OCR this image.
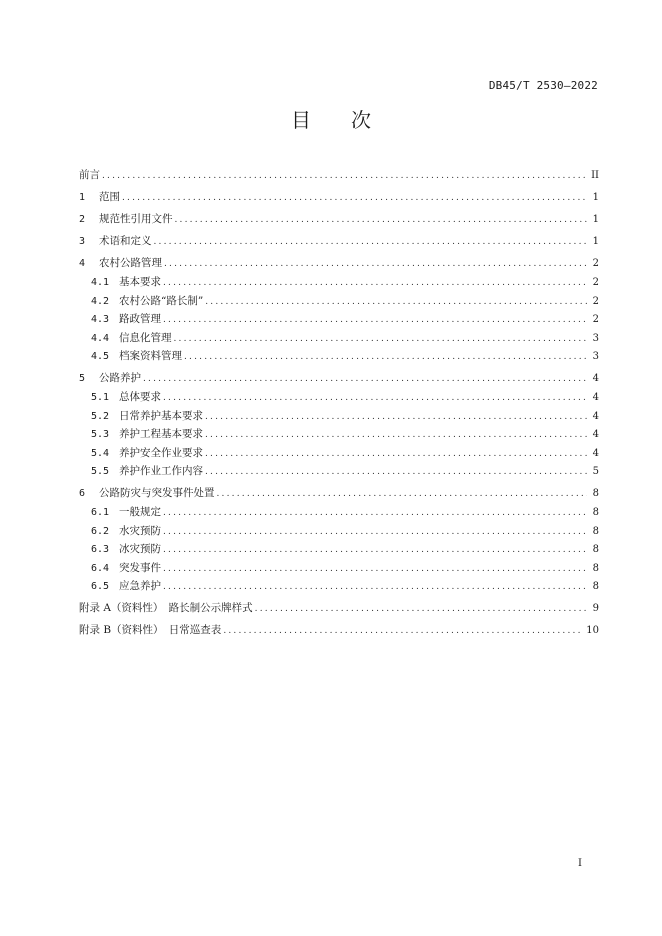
DB45/T 2530—2022
目　　次
前言 .....	II
1	范围 .....	1
2	规范性引用文件 .....	1
3	术语和定义 .....	1
4	农村公路管理 .....	2
4.1 基本要求 .....	2
4.2 农村公路“路长制” .....	2
4.3 路政管理 .....	2
4.4 信息化管理 .....	3
4.5 档案资料管理 .....	3
5	公路养护 .....	4
5.1 总体要求 .....	4
5.2 日常养护基本要求 .....	4
5.3 养护工程基本要求 .....	4
5.4 养护安全作业要求 .....	4
5.5 养护作业工作内容 .....	5
6	公路防灾与突发事件处置 .....	8
6.1 一般规定 .....	8
6.2 水灾预防 .....	8
6.3 冰灾预防 .....	8
6.4 突发事件 .....	8
6.5 应急养护 .....	8
附录 A（资料性）　路长制公示牌样式 .....	9
附录 B（资料性）　日常巡查表 .....	10
I
